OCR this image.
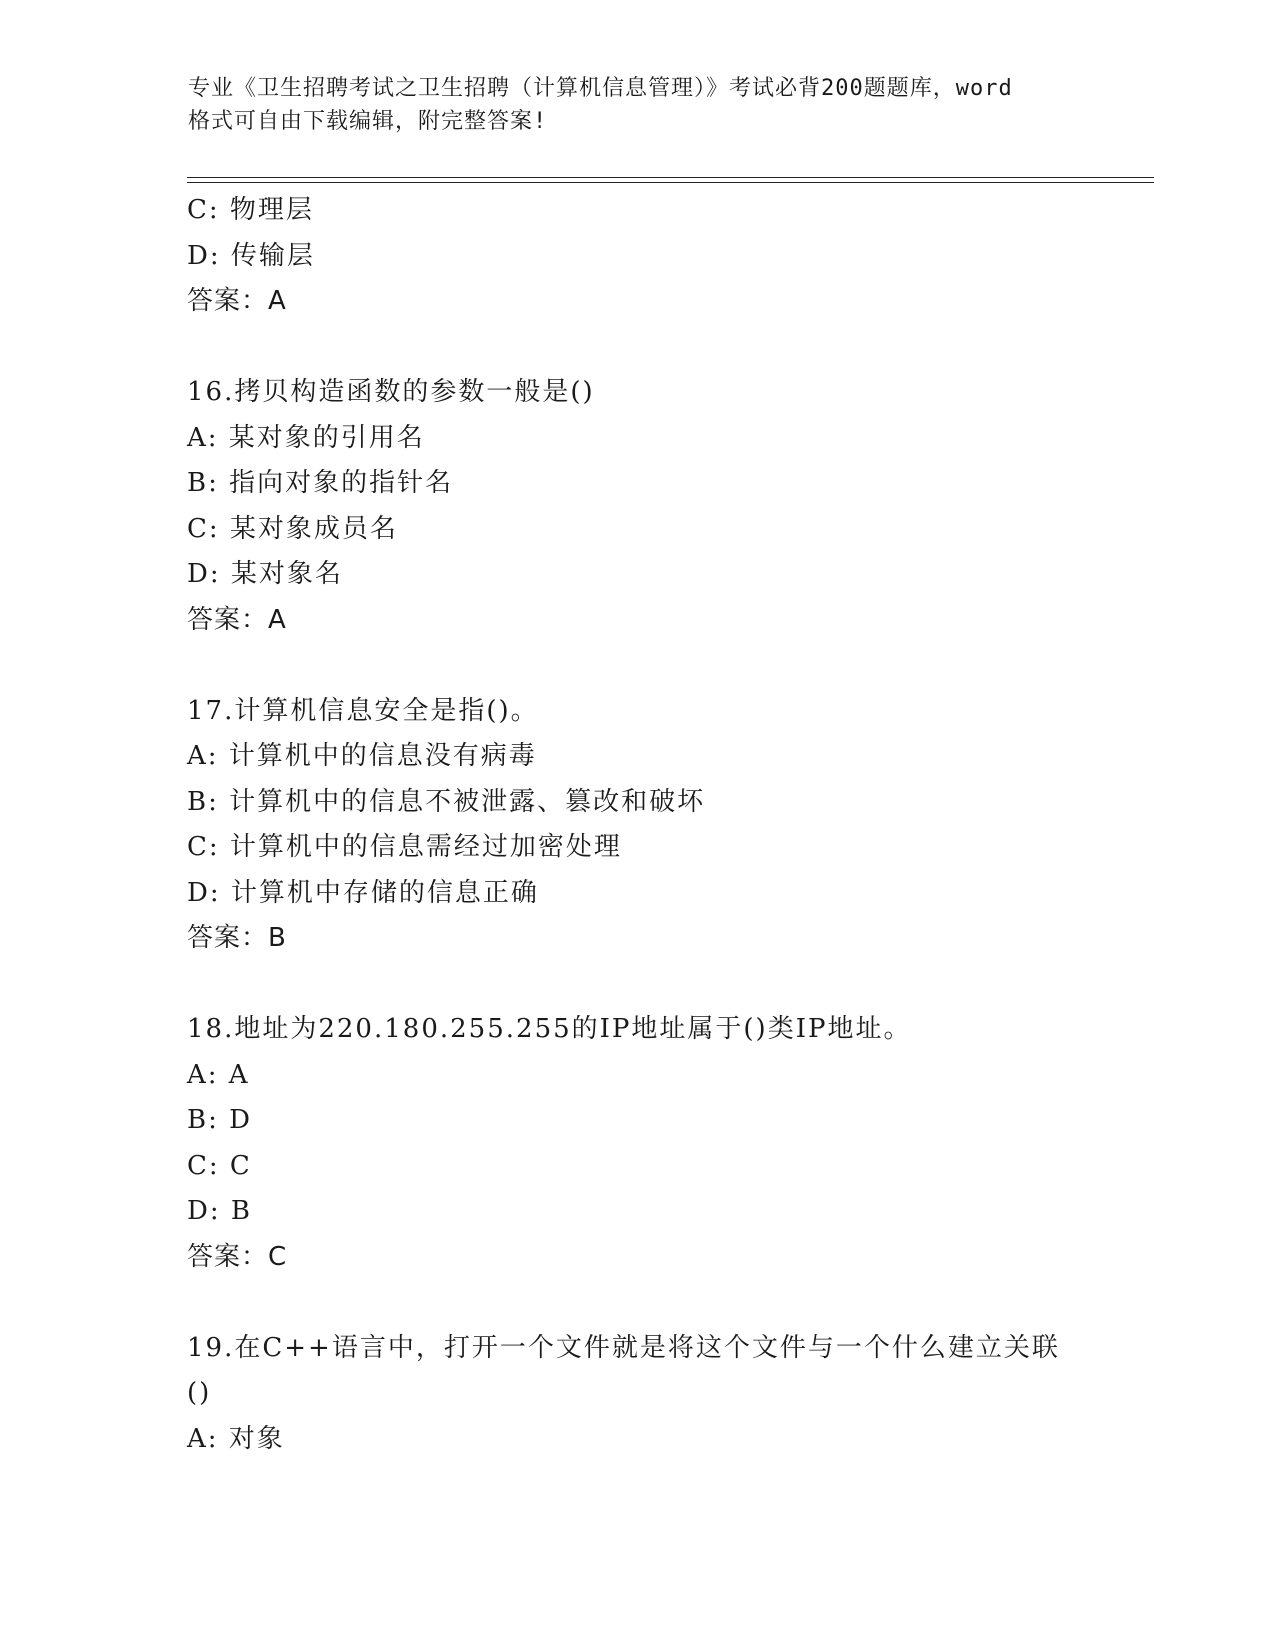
专业《卫生招聘考试之卫生招聘（计算机信息管理）》考试必背200题题库，word
格式可自由下载编辑，附完整答案!
C: 物理层
D: 传输层
答案：A
16.拷贝构造函数的参数一般是()
A: 某对象的引用名
B: 指向对象的指针名
C: 某对象成员名
D: 某对象名
答案：A
17.计算机信息安全是指()。
A: 计算机中的信息没有病毒
B: 计算机中的信息不被泄露、篡改和破坏
C: 计算机中的信息需经过加密处理
D: 计算机中存储的信息正确
答案：B
18.地址为220.180.255.255的IP地址属于()类IP地址。
A: A
B: D
C: C
D: B
答案：C
19.在C++语言中，打开一个文件就是将这个文件与一个什么建立关联
()
A: 对象
